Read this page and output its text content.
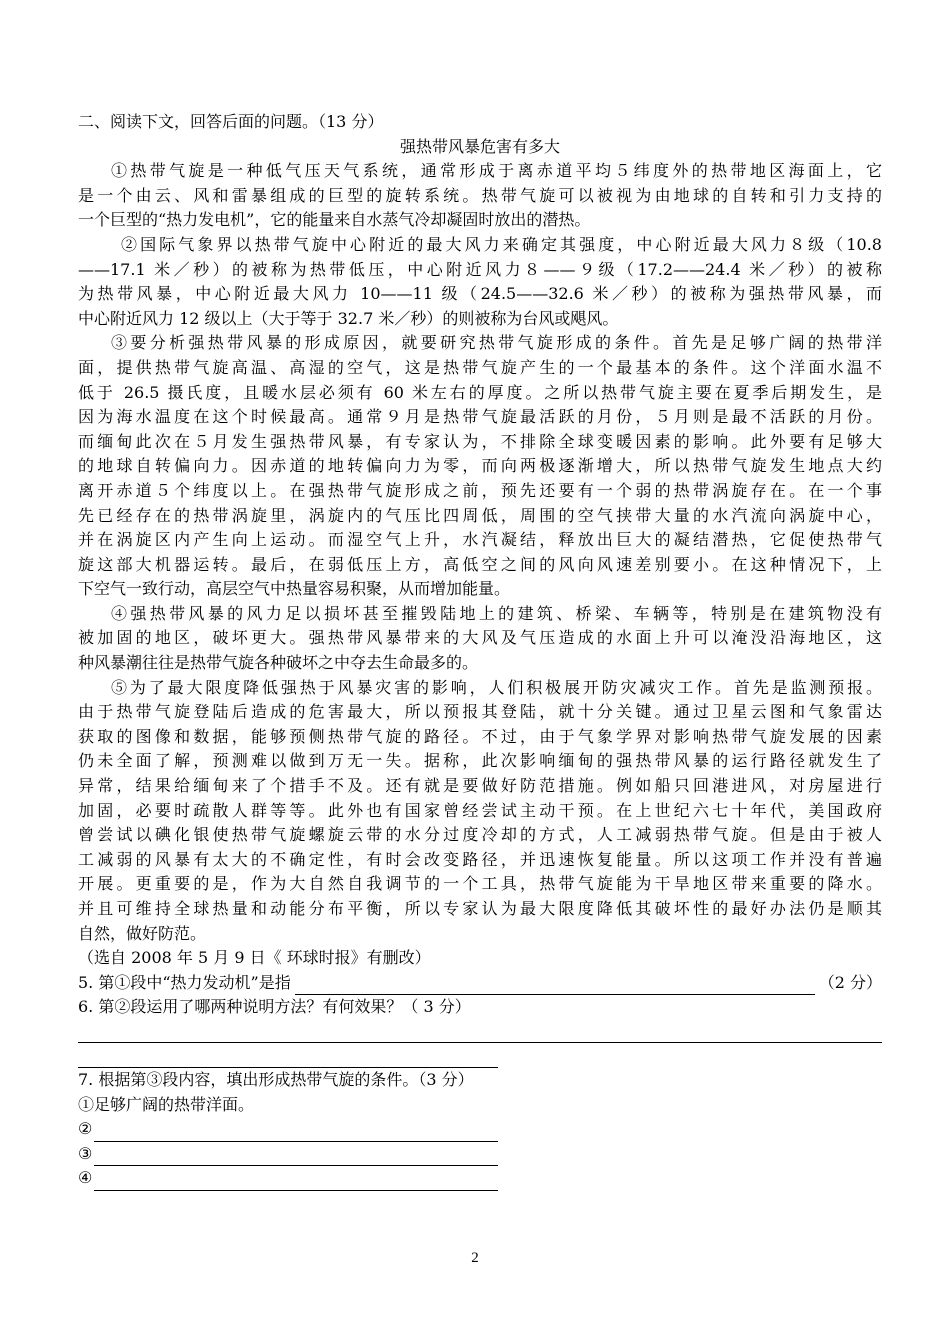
二、阅读下文，回答后面的问题。（13 分）

强热带风暴危害有多大

①热带气旋是一种低气压天气系统，通常形成于离赤道平均５纬度外的热带地区海面上，它

是一个由云、风和雷暴组成的巨型的旋转系统。热带气旋可以被视为由地球的自转和引力支持的

一个巨型的“热力发电机”，它的能量来自水蒸气冷却凝固时放出的潜热。

②国际气象界以热带气旋中心附近的最大风力来确定其强度，中心附近最大风力８级（10.8

——17.1 米／秒）的被称为热带低压，中心附近风力８——９级（17.2——24.4 米／秒）的被称

为热带风暴，中心附近最大风力 10——11 级（24.5——32.6 米／秒）的被称为强热带风暴，而

中心附近风力 12 级以上（大于等于 32.7 米／秒）的则被称为台风或飓风。

③要分析强热带风暴的形成原因，就要研究热带气旋形成的条件。首先是足够广阔的热带洋

面，提供热带气旋高温、高湿的空气，这是热带气旋产生的一个最基本的条件。这个洋面水温不

低于 26.5 摄氏度，且暖水层必须有 60 米左右的厚度。之所以热带气旋主要在夏季后期发生，是

因为海水温度在这个时候最高。通常９月是热带气旋最活跃的月份，５月则是最不活跃的月份。

而缅甸此次在５月发生强热带风暴，有专家认为，不排除全球变暖因素的影响。此外要有足够大

的地球自转偏向力。因赤道的地转偏向力为零，而向两极逐渐增大，所以热带气旋发生地点大约

离开赤道５个纬度以上。在强热带气旋形成之前，预先还要有一个弱的热带涡旋存在。在一个事

先已经存在的热带涡旋里，涡旋内的气压比四周低，周围的空气挟带大量的水汽流向涡旋中心，

并在涡旋区内产生向上运动。而湿空气上升，水汽凝结，释放出巨大的凝结潜热，它促使热带气

旋这部大机器运转。最后，在弱低压上方，高低空之间的风向风速差别要小。在这种情况下，上

下空气一致行动，高层空气中热量容易积聚，从而增加能量。

④强热带风暴的风力足以损坏甚至摧毁陆地上的建筑、桥梁、车辆等，特别是在建筑物没有

被加固的地区，破坏更大。强热带风暴带来的大风及气压造成的水面上升可以淹没沿海地区，这

种风暴潮往往是热带气旋各种破坏之中夺去生命最多的。

⑤为了最大限度降低强热于风暴灾害的影响，人们积极展开防灾减灾工作。首先是监测预报。

由于热带气旋登陆后造成的危害最大，所以预报其登陆，就十分关键。通过卫星云图和气象雷达

获取的图像和数据，能够预侧热带气旋的路径。不过，由于气象学界对影响热带气旋发展的因素

仍未全面了解，预测难以做到万无一失。据称，此次影响缅甸的强热带风暴的运行路径就发生了

异常，结果给缅甸来了个措手不及。还有就是要做好防范措施。例如船只回港进风，对房屋进行

加固，必要时疏散人群等等。此外也有国家曾经尝试主动干预。在上世纪六七十年代，美国政府

曾尝试以碘化银使热带气旋螺旋云带的水分过度冷却的方式，人工减弱热带气旋。但是由于被人

工减弱的风暴有太大的不确定性，有时会改变路径，并迅速恢复能量。所以这项工作并没有普遍

开展。更重要的是，作为大自然自我调节的一个工具，热带气旋能为干旱地区带来重要的降水。

并且可维持全球热量和动能分布平衡，所以专家认为最大限度降低其破坏性的最好办法仍是顺其

自然，做好防范。

（选自 2008 年 5 月 9 日《 环球时报》有删改）

5. 第①段中“热力发动机”是指	（2 分）
6. 第②段运用了哪两种说明方法？有何效果？（ 3 分）
7. 根据第③段内容，填出形成热带气旋的条件。（3 分）

①足够广阔的热带洋面。

②
③
④
2
